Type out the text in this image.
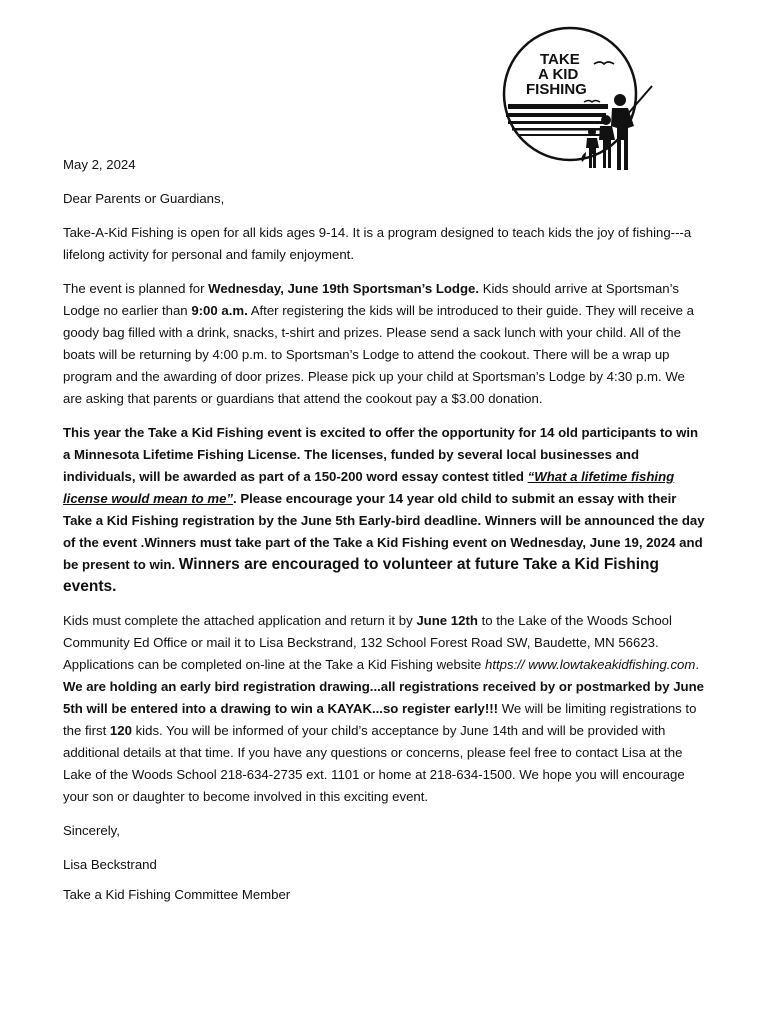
TAKE
A KID
FISHING

May 2, 2024

Dear Parents or Guardians,

Take-A-Kid Fishing is open for all kids ages 9-14. It is a program designed to teach kids the joy of fishing---a lifelong activity for personal and family enjoyment.

The event is planned for Wednesday, June 19th Sportsman’s Lodge. Kids should arrive at Sportsman’s Lodge no earlier than 9:00 a.m. After registering the kids will be introduced to their guide. They will receive a goody bag filled with a drink, snacks, t-shirt and prizes. Please send a sack lunch with your child. All of the boats will be returning by 4:00 p.m. to Sportsman’s Lodge to attend the cookout. There will be a wrap up program and the awarding of door prizes. Please pick up your child at Sportsman’s Lodge by 4:30 p.m. We are asking that parents or guardians that attend the cookout pay a $3.00 donation.

This year the Take a Kid Fishing event is excited to offer the opportunity for 14 old participants to win a Minnesota Lifetime Fishing License. The licenses, funded by several local businesses and individuals, will be awarded as part of a 150-200 word essay contest titled “What a lifetime fishing license would mean to me”. Please encourage your 14 year old child to submit an essay with their Take a Kid Fishing registration by the June 5th Early-bird deadline. Winners will be announced the day of the event .Winners must take part of the Take a Kid Fishing event on Wednesday, June 19, 2024 and be present to win. Winners are encouraged to volunteer at future Take a Kid Fishing events.

Kids must complete the attached application and return it by June 12th to the Lake of the Woods School Community Ed Office or mail it to Lisa Beckstrand, 132 School Forest Road SW, Baudette, MN 56623. Applications can be completed on-line at the Take a Kid Fishing website https:// www.lowtakeakidfishing.com. We are holding an early bird registration drawing...all registrations received by or postmarked by June 5th will be entered into a drawing to win a KAYAK...so register early!!! We will be limiting registrations to the first 120 kids. You will be informed of your child’s acceptance by June 14th and will be provided with additional details at that time. If you have any questions or concerns, please feel free to contact Lisa at the Lake of the Woods School 218-634-2735 ext. 1101 or home at 218-634-1500. We hope you will encourage your son or daughter to become involved in this exciting event.

Sincerely,

Lisa Beckstrand

Take a Kid Fishing Committee Member
